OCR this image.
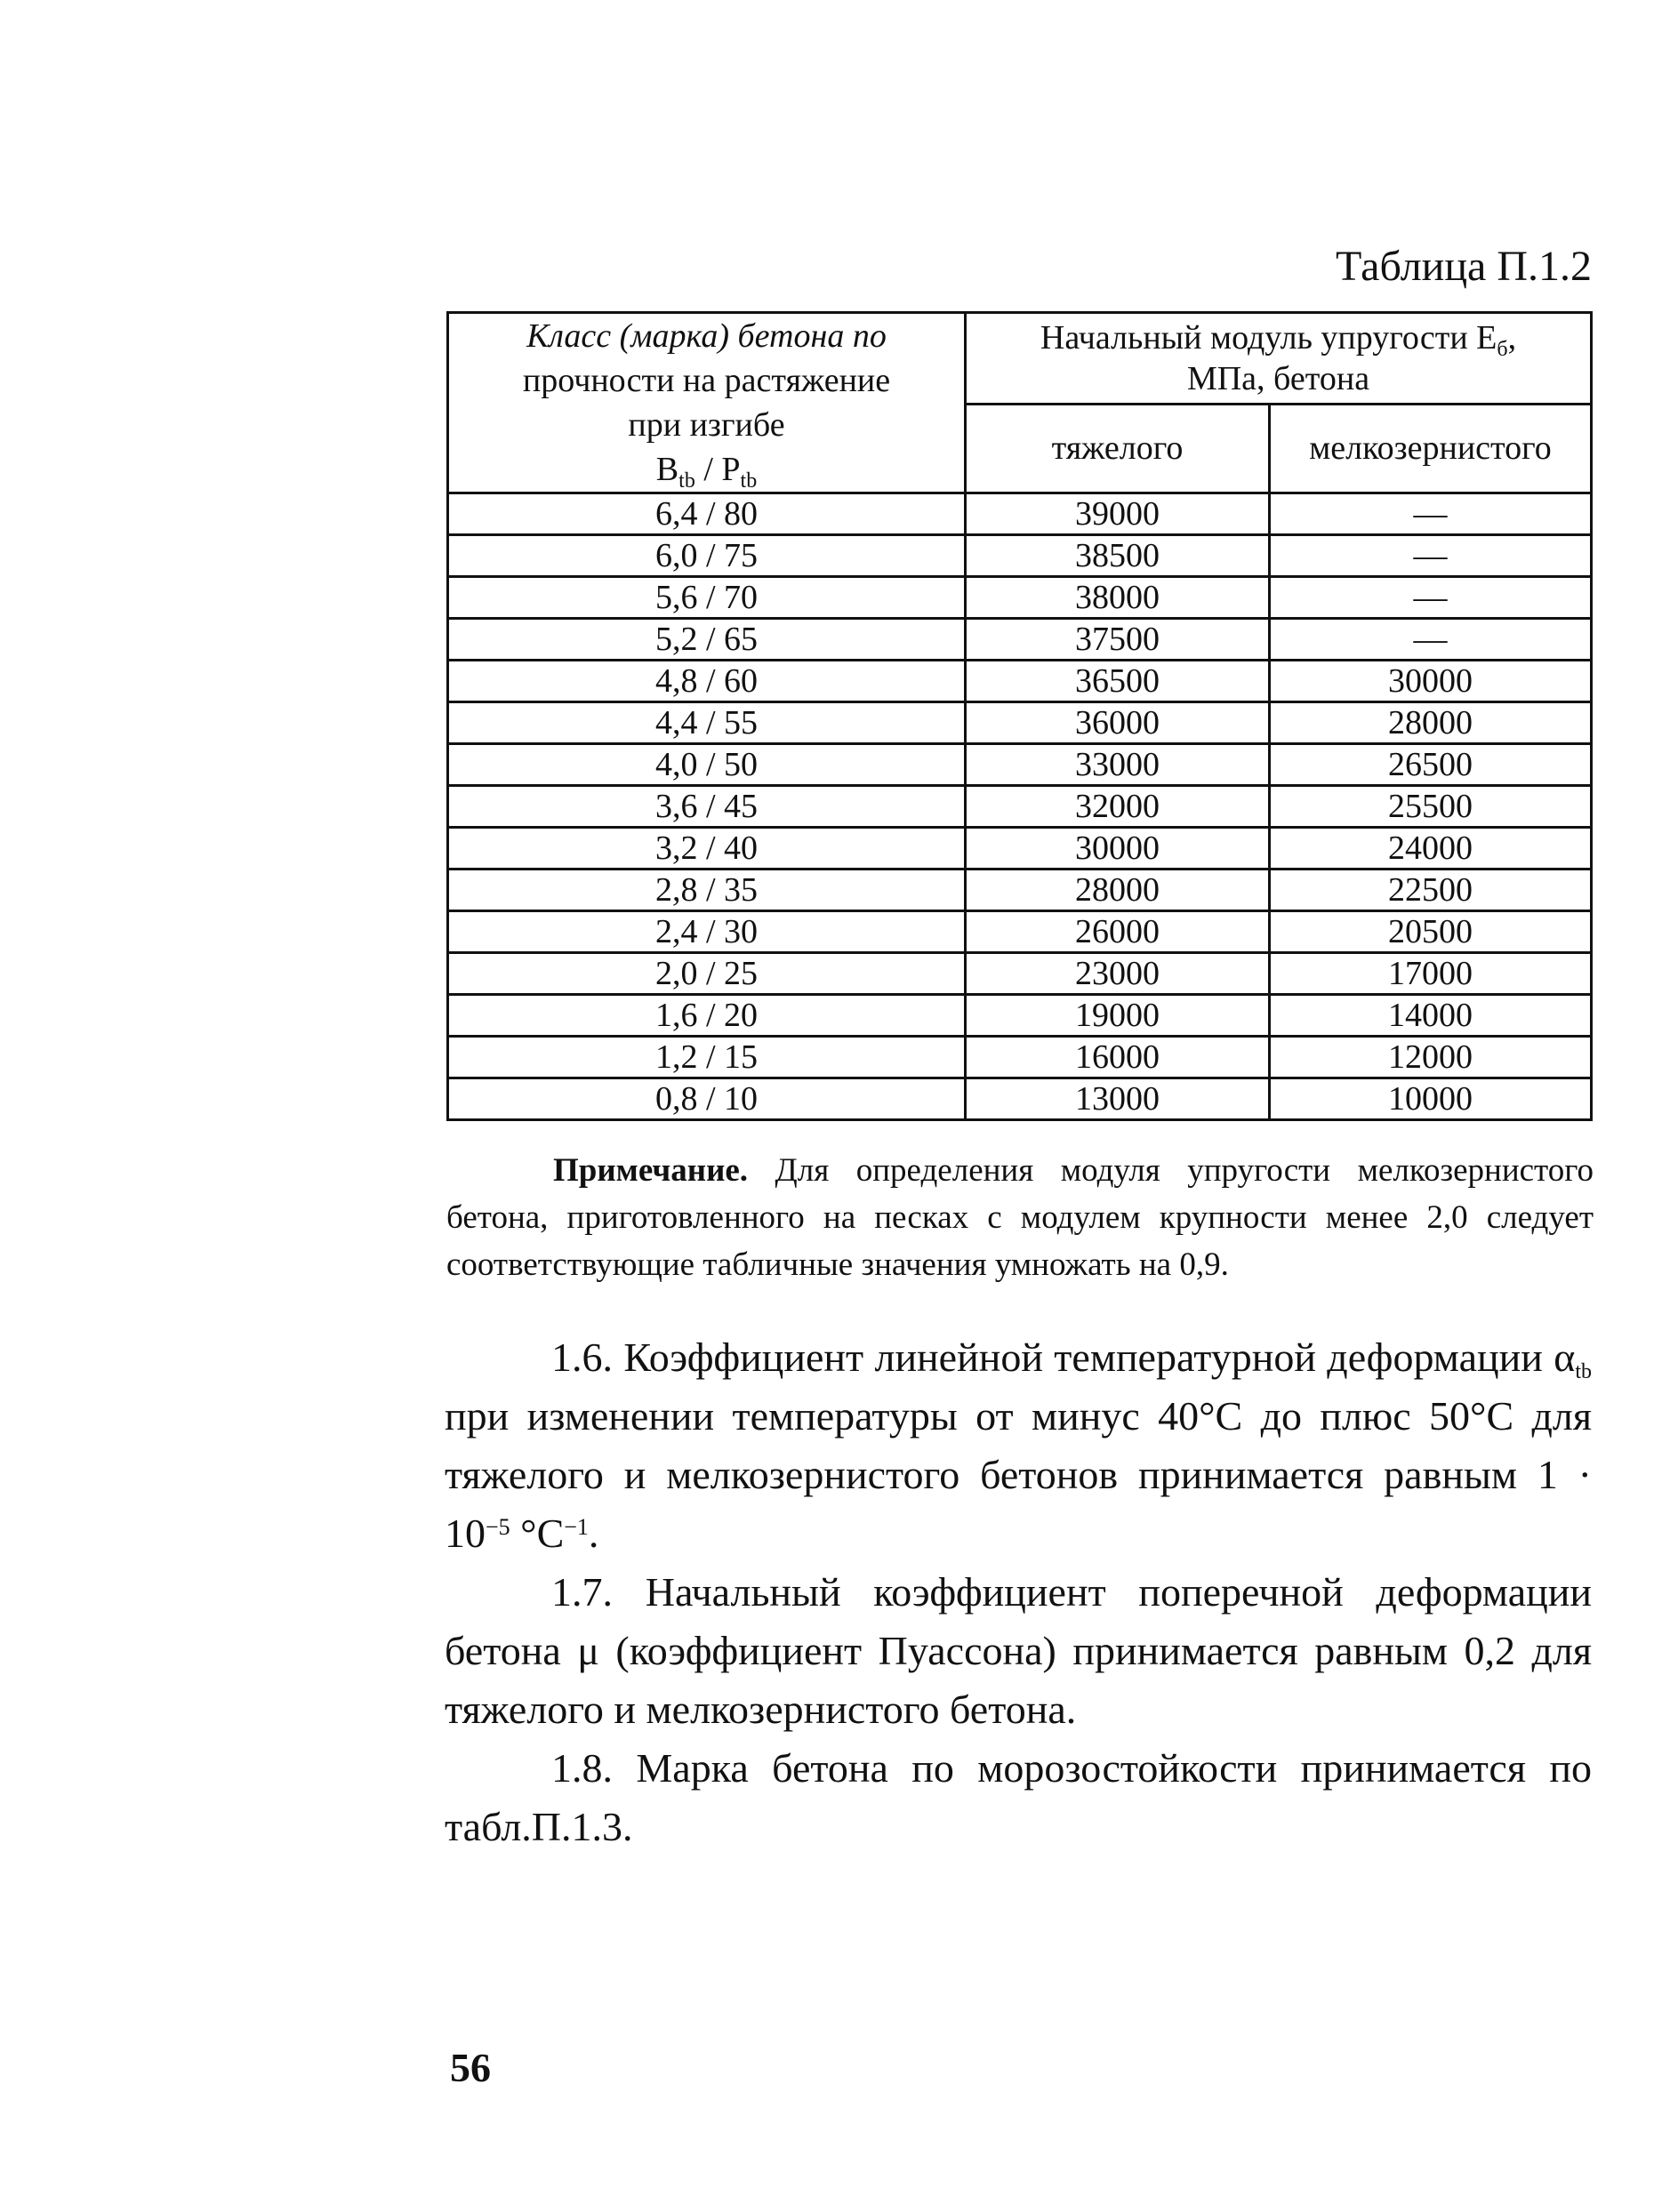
Таблица П.1.2
Класс (марка) бетона по
прочности на растяжение
при изгибе
$B_{tb} / P_{tb}$	Начальный модуль упругости $E_б$,
МПа, бетона	
	тяжелого	мелкозернистого
6,4 / 80	39000	—
6,0 / 75	38500	—
5,6 / 70	38000	—
5,2 / 65	37500	—
4,8 / 60	36500	30000
4,4 / 55	36000	28000
4,0 / 50	33000	26500
3,6 / 45	32000	25500
3,2 / 40	30000	24000
2,8 / 35	28000	22500
2,4 / 30	26000	20500
2,0 / 25	23000	17000
1,6 / 20	19000	14000
1,2 / 15	16000	12000
0,8 / 10	13000	10000
Примечание. Для определения модуля упругости мелкозернистого бетона, приготовленного на песках с модулем крупности менее 2,0 следует соответствующие табличные значения умножать на 0,9.

1.6. Коэффициент линейной температурной деформации $\alpha_{tb}$ при изменении температуры от минус 40°С до плюс 50°С для тяжелого и мелкозернистого бетонов принимается равным $1 \cdot 10^{-5}$ $^\circ С^{-1}$.

1.7. Начальный коэффициент поперечной деформации бетона μ (коэффициент Пуассона) принимается равным 0,2 для тяжелого и мелкозернистого бетона.

1.8. Марка бетона по морозостойкости принимается по табл.П.1.3.

56
